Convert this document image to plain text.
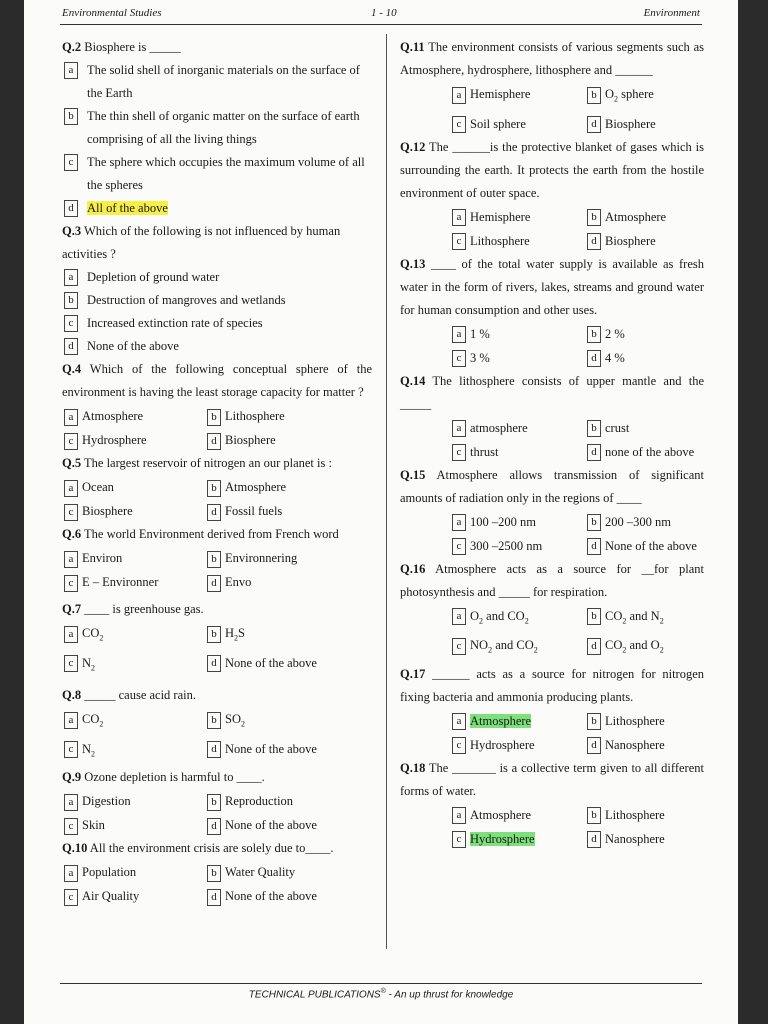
Environmental Studies	1 - 10	Environment

Q.2 Biosphere is _____

a	The solid shell of inorganic materials on the surface of the Earth
b	The thin shell of organic matter on the surface of earth comprising of all the living things
c	The sphere which occupies the maximum volume of all the spheres
d	All of the above

Q.3 Which of the following is not influenced by human activities ?

a	Depletion of ground water
b	Destruction of mangroves and wetlands
c	Increased extinction rate of species
d	None of the above

Q.4 Which of the following conceptual sphere of the environment is having the least storage capacity for matter ?

a Atmosphere	b Lithosphere
c Hydrosphere	d Biosphere

Q.5 The largest reservoir of nitrogen an our planet is :

a Ocean	b Atmosphere
c Biosphere	d Fossil fuels

Q.6 The world Environment derived from French word

a Environ	b Environnering
c E – Environner	d Envo

Q.7 ____ is greenhouse gas.

a $CO_2$	b $H_2S$
c $N_2$	d None of the above

Q.8 _____ cause acid rain.

a $CO_2$	b $SO_2$
c $N_2$	d None of the above

Q.9 Ozone depletion is harmful to ____.

a Digestion	b Reproduction
c Skin	d None of the above

Q.10 All the environment crisis are solely due to____.

a Population	b Water Quality
c Air Quality	d None of the above

Q.11 The environment consists of various segments such as Atmosphere, hydrosphere, lithosphere and ______

a Hemisphere	b $O_2$ sphere
c Soil sphere	d Biosphere

Q.12 The ______is the protective blanket of gases which is surrounding the earth. It protects the earth from the hostile environment of outer space.

a Hemisphere	b Atmosphere
c Lithosphere	d Biosphere

Q.13 ____ of the total water supply is available as fresh water in the form of rivers, lakes, streams and ground water for human consumption and other uses.

a 1 %	b 2 %
c 3 %	d 4 %

Q.14 The lithosphere consists of upper mantle and the _____

a atmosphere	b crust
c thrust	d none of the above

Q.15 Atmosphere allows transmission of significant amounts of radiation only in the regions of ____

a 100 –200 nm	b 200 –300 nm
c 300 –2500 nm	d None of the above

Q.16 Atmosphere acts as a source for __for plant photosynthesis and _____ for respiration.

a $O_2$ and $CO_2$	b $CO_2$ and $N_2$
c $NO_2$ and $CO_2$	d $CO_2$ and $O_2$

Q.17 ______ acts as a source for nitrogen for nitrogen fixing bacteria and ammonia producing plants.

a Atmosphere	b Lithosphere
c Hydrosphere	d Nanosphere

Q.18 The _______ is a collective term given to all different forms of water.

a Atmosphere	b Lithosphere
c Hydrosphere	d Nanosphere
TECHNICAL PUBLICATIONS® - An up thrust for knowledge
